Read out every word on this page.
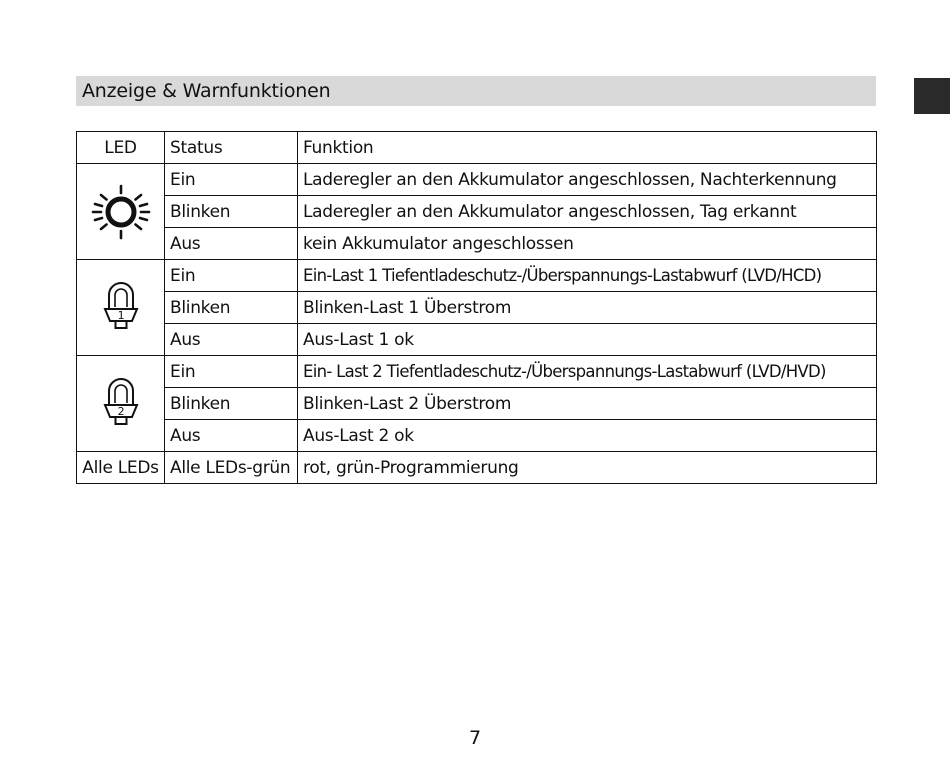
Anzeige & Warnfunktionen
LED	Status	Funktion

	Ein	Laderegler an den Akkumulator angeschlossen, Nachterkennung
	Blinken	Laderegler an den Akkumulator angeschlossen, Tag erkannt
	Aus	kein Akkumulator angeschlossen

1	Ein	Ein-Last 1 Tiefentladeschutz-/Überspannungs-Lastabwurf (LVD/HCD)
	Blinken	Blinken-Last 1 Überstrom
	Aus	Aus-Last 1 ok

2	Ein	Ein- Last 2 Tiefentladeschutz-/Überspannungs-Lastabwurf (LVD/HVD)
	Blinken	Blinken-Last 2 Überstrom
	Aus	Aus-Last 2 ok
Alle LEDs	Alle LEDs-grün	rot, grün-Programmierung
7
